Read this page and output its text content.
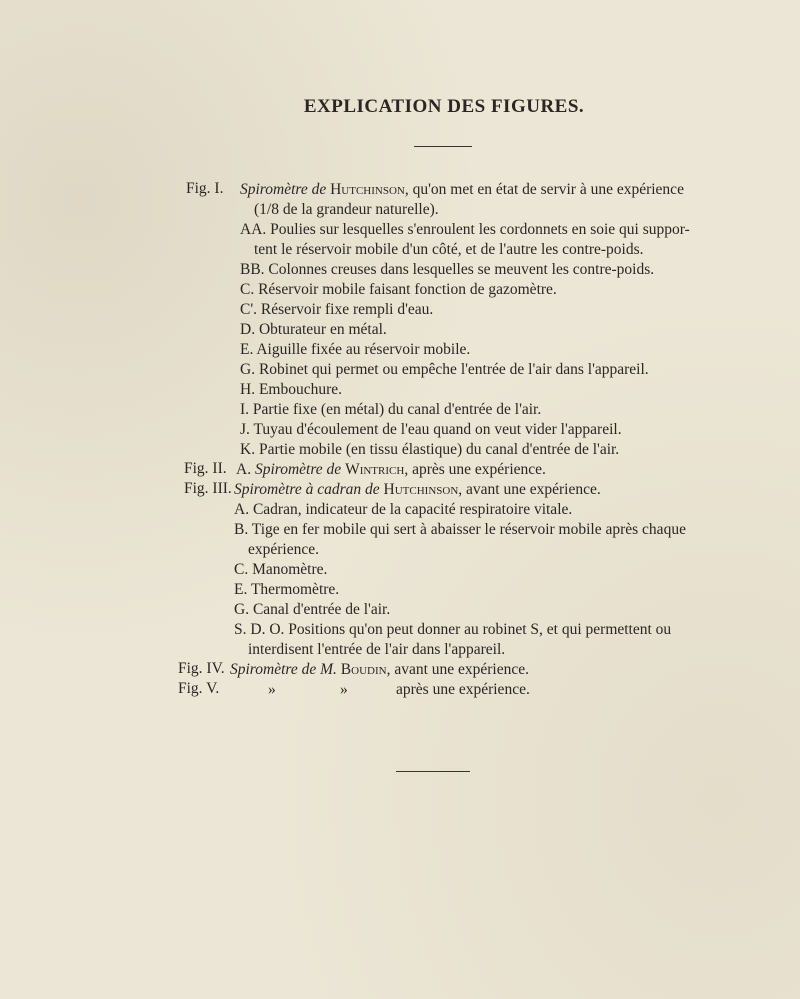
EXPLICATION DES FIGURES.
Fig. I. Spiromètre de Hutchinson, qu'on met en état de servir à une expérience
(1/8 de la grandeur naturelle).
AA. Poulies sur lesquelles s'enroulent les cordonnets en soie qui suppor-
tent le réservoir mobile d'un côté, et de l'autre les contre-poids.
BB. Colonnes creuses dans lesquelles se meuvent les contre-poids.
C. Réservoir mobile faisant fonction de gazomètre.
C'. Réservoir fixe rempli d'eau.
D. Obturateur en métal.
E. Aiguille fixée au réservoir mobile.
G. Robinet qui permet ou empêche l'entrée de l'air dans l'appareil.
H. Embouchure.
I. Partie fixe (en métal) du canal d'entrée de l'air.
J. Tuyau d'écoulement de l'eau quand on veut vider l'appareil.
K. Partie mobile (en tissu élastique) du canal d'entrée de l'air.
Fig. II. A. Spiromètre de Wintrich, après une expérience.
Fig. III. Spiromètre à cadran de Hutchinson, avant une expérience.
A. Cadran, indicateur de la capacité respiratoire vitale.
B. Tige en fer mobile qui sert à abaisser le réservoir mobile après chaque
expérience.
C. Manomètre.
E. Thermomètre.
G. Canal d'entrée de l'air.
S. D. O. Positions qu'on peut donner au robinet S, et qui permettent ou
interdisent l'entrée de l'air dans l'appareil.
Fig. IV. Spiromètre de M. Boudin, avant une expérience.
Fig. V.	»	»	après une expérience.
